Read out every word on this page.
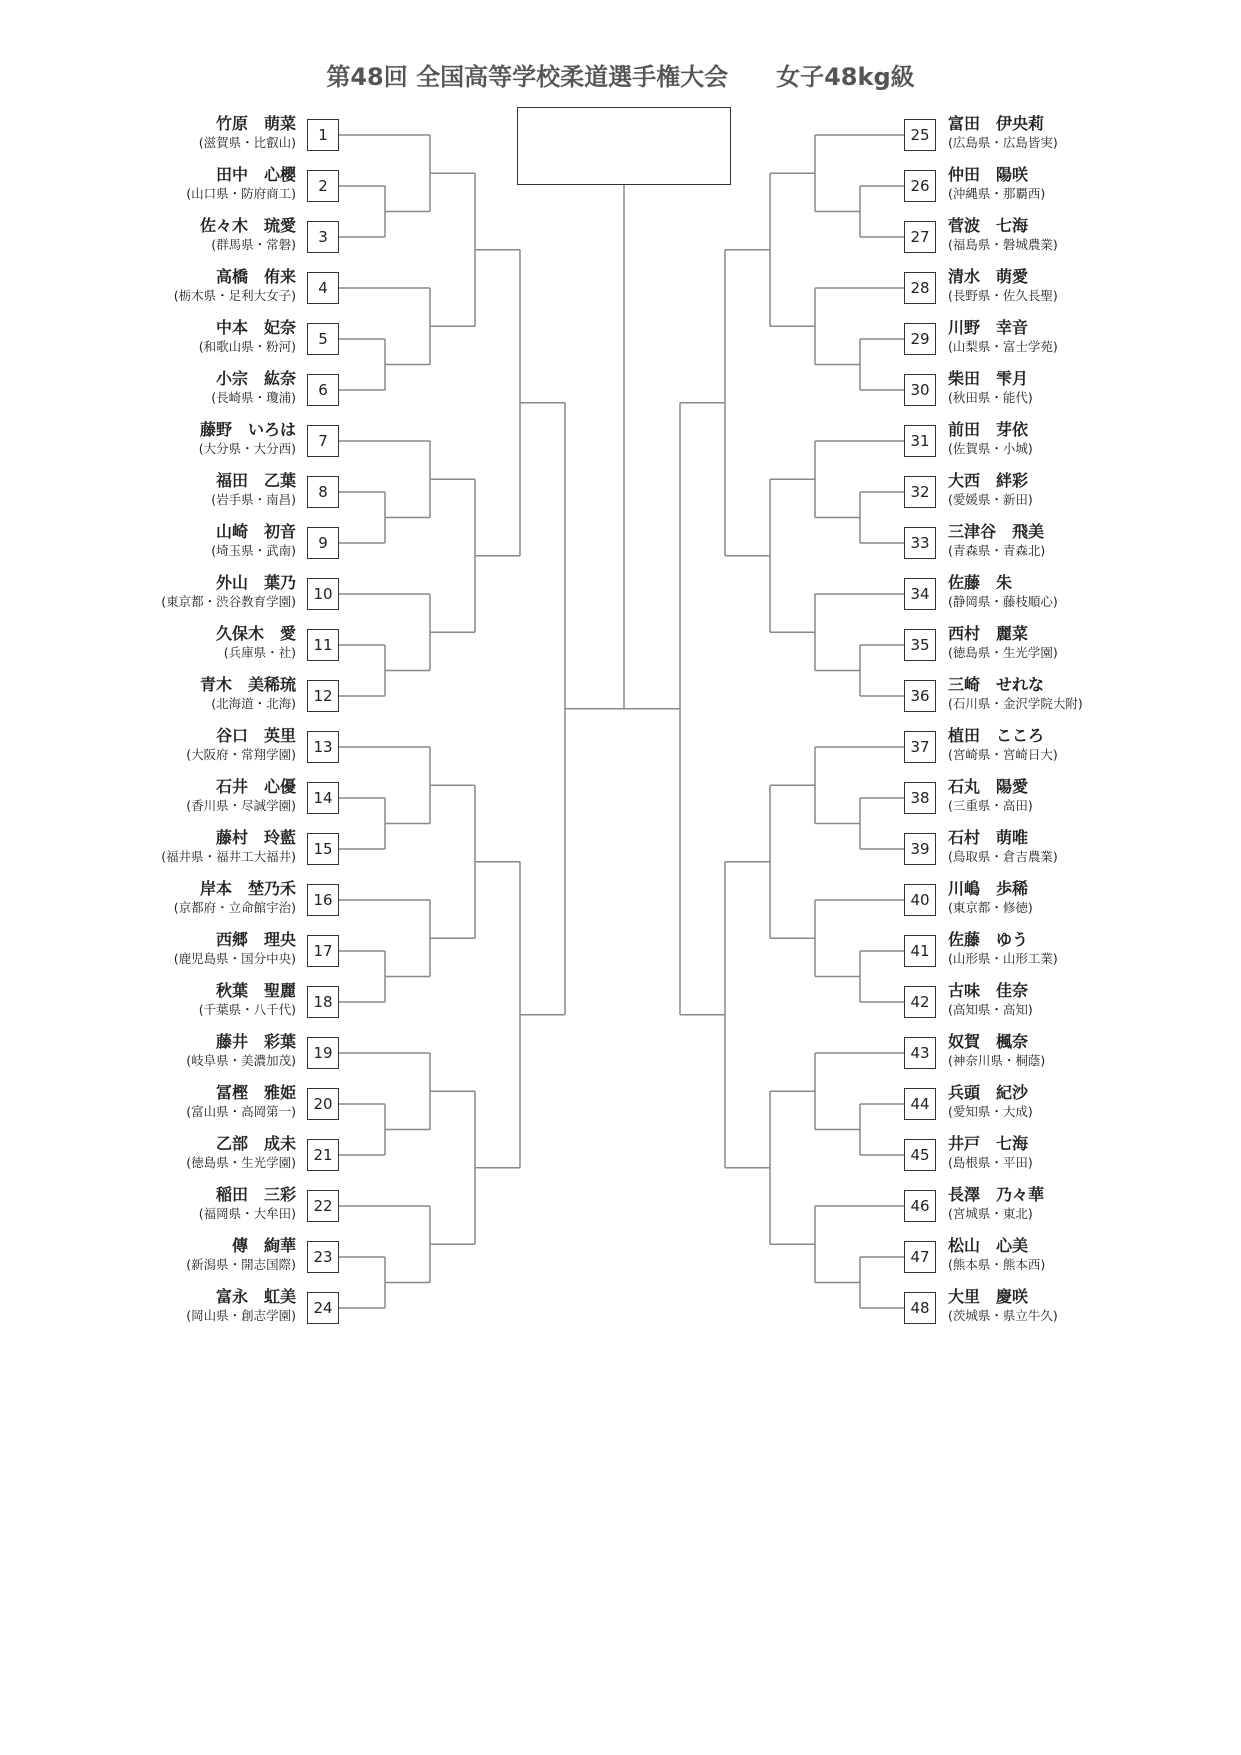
第48回 全国高等学校柔道選手権大会　　女子48kg級
1
竹原　萌菜
(滋賀県・比叡山)
2
田中　心櫻
(山口県・防府商工)
3
佐々木　琉愛
(群馬県・常磐)
4
高橋　侑来
(栃木県・足利大女子)
5
中本　妃奈
(和歌山県・粉河)
6
小宗　紘奈
(長崎県・瓊浦)
7
藤野　いろは
(大分県・大分西)
8
福田　乙葉
(岩手県・南昌)
9
山崎　初音
(埼玉県・武南)
10
外山　葉乃
(東京都・渋谷教育学園)
11
久保木　愛
(兵庫県・社)
12
青木　美稀琉
(北海道・北海)
13
谷口　英里
(大阪府・常翔学園)
14
石井　心優
(香川県・尽誠学園)
15
藤村　玲藍
(福井県・福井工大福井)
16
岸本　埜乃禾
(京都府・立命館宇治)
17
西郷　理央
(鹿児島県・国分中央)
18
秋葉　聖麗
(千葉県・八千代)
19
藤井　彩葉
(岐阜県・美濃加茂)
20
冨樫　雅姫
(富山県・高岡第一)
21
乙部　成未
(徳島県・生光学園)
22
稲田　三彩
(福岡県・大牟田)
23
傳　絢華
(新潟県・開志国際)
24
富永　虹美
(岡山県・創志学園)
25
富田　伊央莉
(広島県・広島皆実)
26
仲田　陽咲
(沖縄県・那覇西)
27
菅波　七海
(福島県・磐城農業)
28
清水　萌愛
(長野県・佐久長聖)
29
川野　幸音
(山梨県・富士学苑)
30
柴田　雫月
(秋田県・能代)
31
前田　芽依
(佐賀県・小城)
32
大西　絆彩
(愛媛県・新田)
33
三津谷　飛美
(青森県・青森北)
34
佐藤　朱
(静岡県・藤枝順心)
35
西村　麗菜
(徳島県・生光学園)
36
三崎　せれな
(石川県・金沢学院大附)
37
植田　こころ
(宮崎県・宮崎日大)
38
石丸　陽愛
(三重県・高田)
39
石村　萌唯
(鳥取県・倉吉農業)
40
川嶋　歩稀
(東京都・修徳)
41
佐藤　ゆう
(山形県・山形工業)
42
古味　佳奈
(高知県・高知)
43
奴賀　楓奈
(神奈川県・桐蔭)
44
兵頭　紀沙
(愛知県・大成)
45
井戸　七海
(島根県・平田)
46
長澤　乃々華
(宮城県・東北)
47
松山　心美
(熊本県・熊本西)
48
大里　慶咲
(茨城県・県立牛久)
